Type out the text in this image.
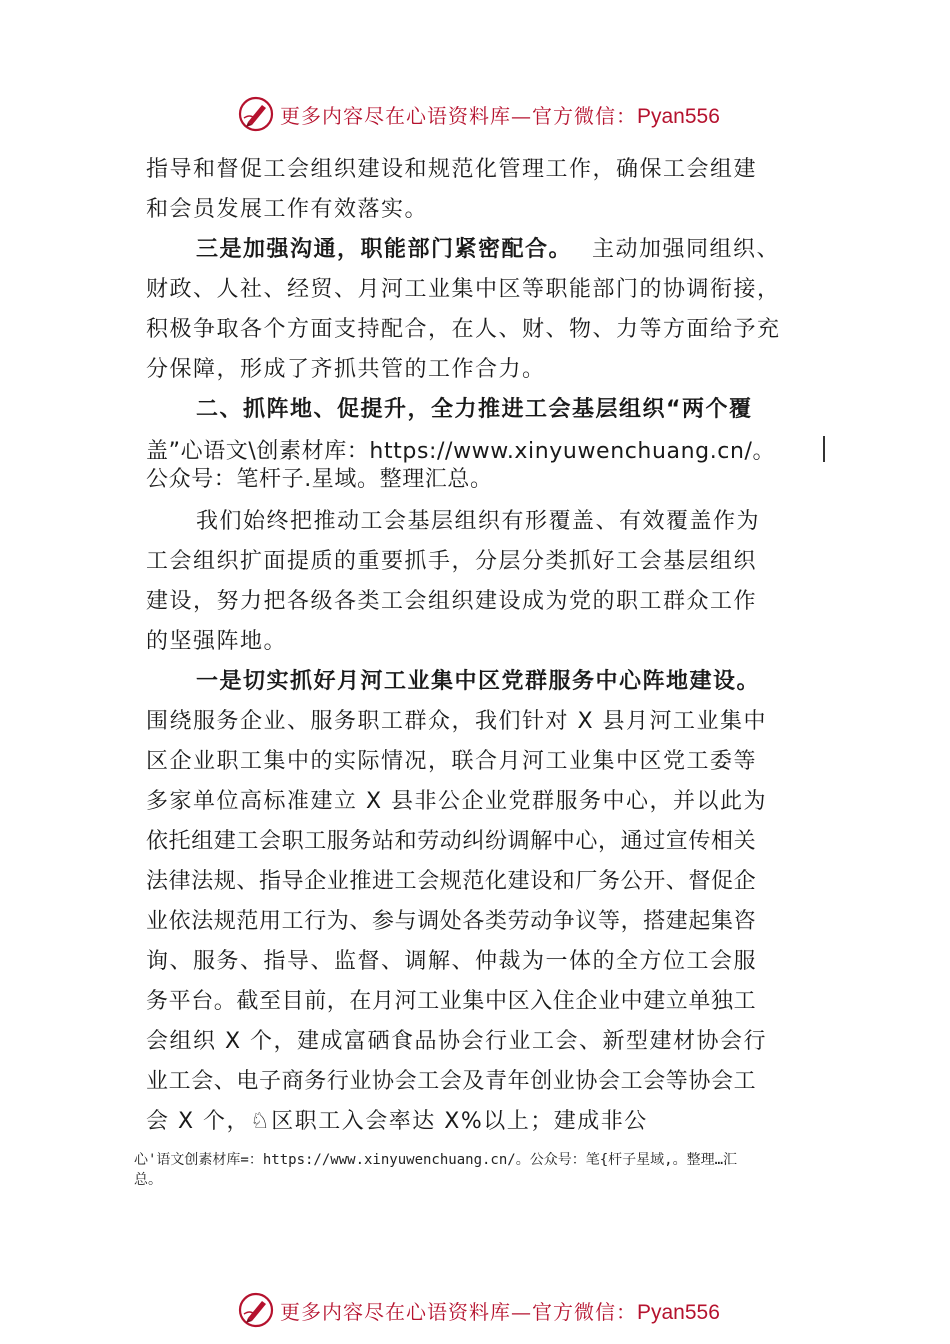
更多内容尽在心语资料库—官方微信：Pyan556
指导和督促工会组织建设和规范化管理工作，确保工会组建
和会员发展工作有效落实。
三是加强沟通，职能部门紧密配合。 主动加强同组织、
财政、人社、经贸、月河工业集中区等职能部门的协调衔接，
积极争取各个方面支持配合，在人、财、物、力等方面给予充
分保障，形成了齐抓共管的工作合力。
二、抓阵地、促提升，全力推进工会基层组织“两个覆
盖”心语文\创素材库：https://www.xinyuwenchuang.cn/。
公众号：笔杆子.星域。整理汇总。
我们始终把推动工会基层组织有形覆盖、有效覆盖作为
工会组织扩面提质的重要抓手，分层分类抓好工会基层组织
建设，努力把各级各类工会组织建设成为党的职工群众工作
的坚强阵地。
一是切实抓好月河工业集中区党群服务中心阵地建设。
围绕服务企业、服务职工群众，我们针对 X 县月河工业集中
区企业职工集中的实际情况，联合月河工业集中区党工委等
多家单位高标准建立 X 县非公企业党群服务中心，并以此为
依托组建工会职工服务站和劳动纠纷调解中心，通过宣传相关
法律法规、指导企业推进工会规范化建设和厂务公开、督促企
业依法规范用工行为、参与调处各类劳动争议等，搭建起集咨
询、服务、指导、监督、调解、仲裁为一体的全方位工会服
务平台。截至目前，在月河工业集中区入住企业中建立单独工
会组织 X 个，建成富硒食品协会行业工会、新型建材协会行
业工会、电子商务行业协会工会及青年创业协会工会等协会工
会 X 个，♘区职工入会率达 X%以上；建成非公
心'语文创素材库=：https://www.xinyuwenchuang.cn/。公众号：笔{杆子星域,。整理…汇
总。
更多内容尽在心语资料库—官方微信：Pyan556
